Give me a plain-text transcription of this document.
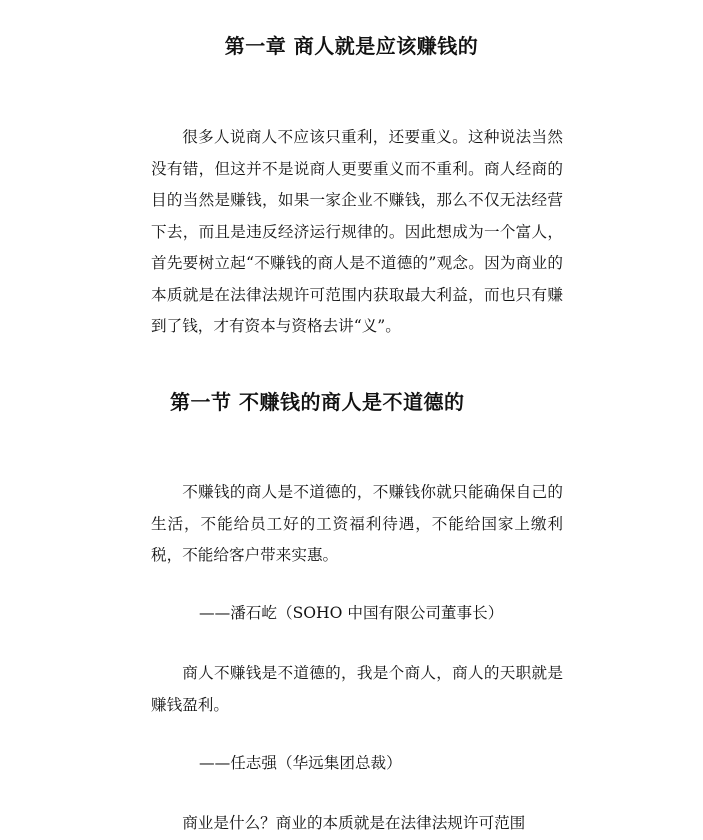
第一章 商人就是应该赚钱的

很多人说商人不应该只重利，还要重义。这种说法当然没有错，但这并不是说商人更要重义而不重利。商人经商的目的当然是赚钱，如果一家企业不赚钱，那么不仅无法经营下去，而且是违反经济运行规律的。因此想成为一个富人，首先要树立起“不赚钱的商人是不道德的”观念。因为商业的本质就是在法律法规许可范围内获取最大利益，而也只有赚到了钱，才有资本与资格去讲“义”。

第一节 不赚钱的商人是不道德的

不赚钱的商人是不道德的，不赚钱你就只能确保自己的生活，不能给员工好的工资福利待遇，不能给国家上缴利税，不能给客户带来实惠。

——潘石屹（SOHO 中国有限公司董事长）

商人不赚钱是不道德的，我是个商人，商人的天职就是赚钱盈利。

——任志强（华远集团总裁）

商业是什么？商业的本质就是在法律法规许可范围
